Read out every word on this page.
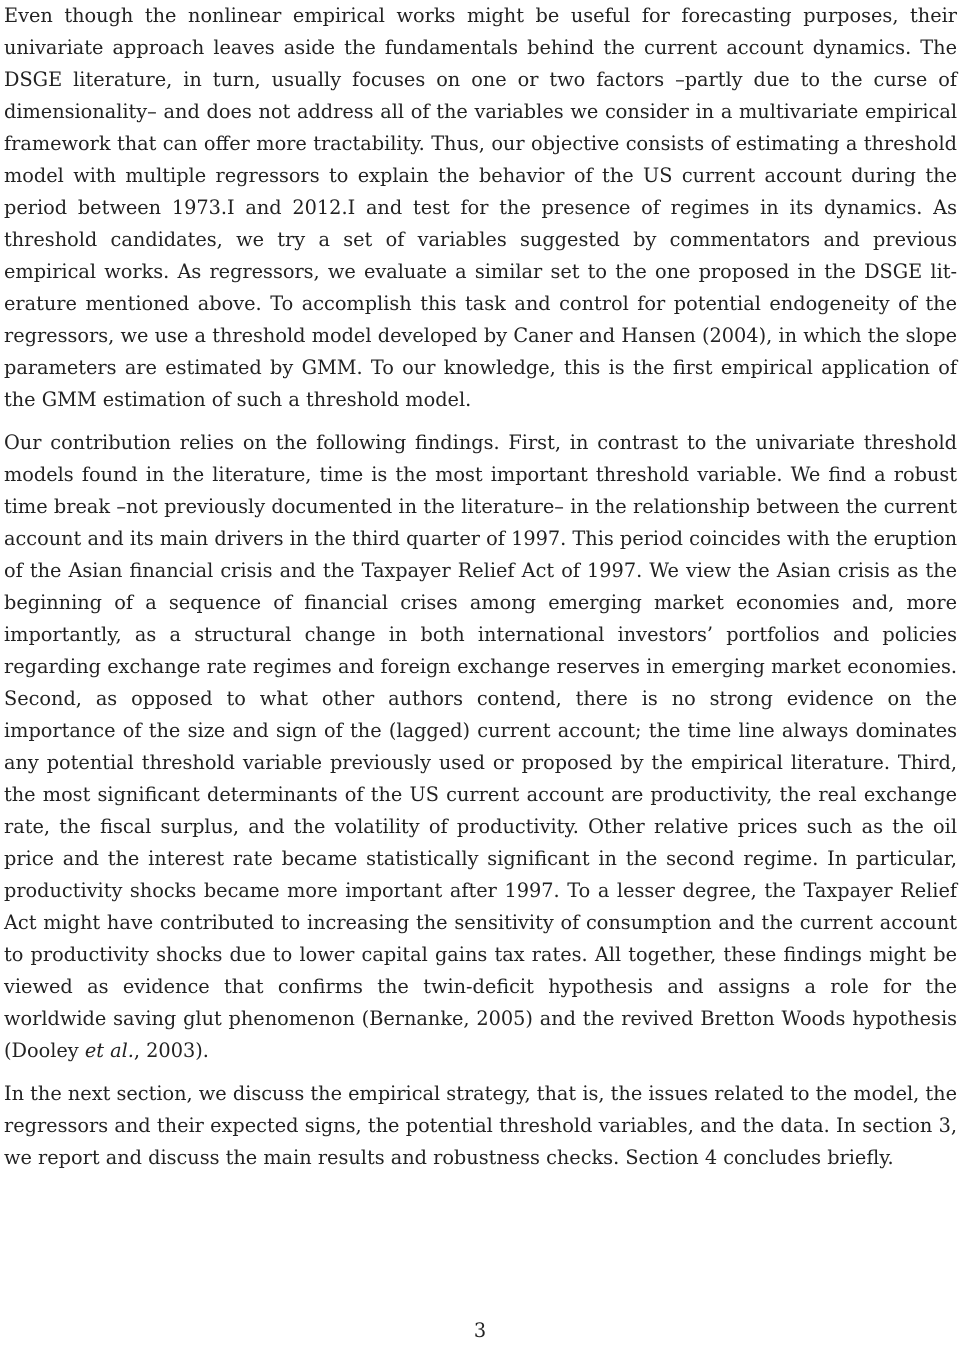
Even though the nonlinear empirical works might be useful for forecasting purposes, their univariate approach leaves aside the fundamentals behind the current account dynamics. The DSGE literature, in turn, usually focuses on one or two factors –partly due to the curse of dimensionality– and does not address all of the variables we consider in a multivariate empirical framework that can offer more tractability. Thus, our objective consists of estimating a threshold model with multiple regressors to explain the behavior of the US current account during the period between 1973.I and 2012.I and test for the presence of regimes in its dynamics. As threshold candidates, we try a set of variables suggested by commentators and previous empirical works. As regressors, we evaluate a similar set to the one proposed in the DSGE literature mentioned above. To accomplish this task and control for potential endogeneity of the regressors, we use a threshold model developed by Caner and Hansen (2004), in which the slope parameters are estimated by GMM. To our knowledge, this is the first empirical application of the GMM estimation of such a threshold model.

Our contribution relies on the following findings. First, in contrast to the univariate threshold models found in the literature, time is the most important threshold variable. We find a robust time break –not previously documented in the literature– in the relationship between the current account and its main drivers in the third quarter of 1997. This period coincides with the eruption of the Asian financial crisis and the Taxpayer Relief Act of 1997. We view the Asian crisis as the beginning of a sequence of financial crises among emerging market economies and, more importantly, as a structural change in both international investors’ portfolios and policies regarding exchange rate regimes and foreign exchange reserves in emerging market economies. Second, as opposed to what other authors contend, there is no strong evidence on the importance of the size and sign of the (lagged) current account; the time line always dominates any potential threshold variable previously used or proposed by the empirical literature. Third, the most significant determinants of the US current account are productivity, the real exchange rate, the fiscal surplus, and the volatility of productivity. Other relative prices such as the oil price and the interest rate became statistically significant in the second regime. In particular, productivity shocks became more important after 1997. To a lesser degree, the Taxpayer Relief Act might have contributed to increasing the sensitivity of consumption and the current account to productivity shocks due to lower capital gains tax rates. All together, these findings might be viewed as evidence that confirms the twin-deficit hypothesis and assigns a role for the worldwide saving glut phenomenon (Bernanke, 2005) and the revived Bretton Woods hypothesis (Dooley et al., 2003).

In the next section, we discuss the empirical strategy, that is, the issues related to the model, the regressors and their expected signs, the potential threshold variables, and the data. In section 3, we report and discuss the main results and robustness checks. Section 4 concludes briefly.

3
